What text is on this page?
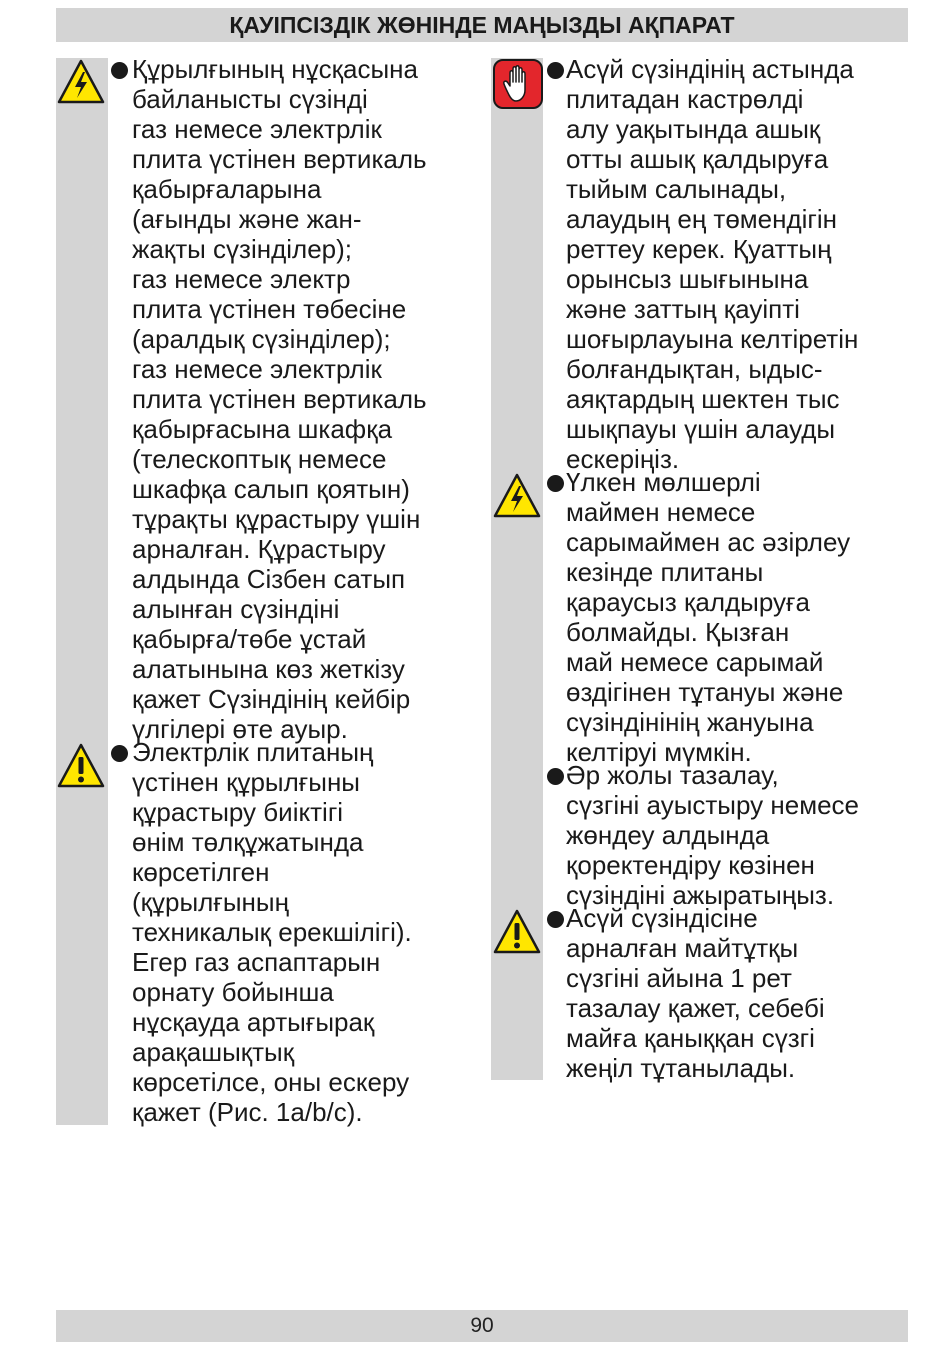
ҚАУІПСІЗДІК ЖӨНІНДЕ МАҢЫЗДЫ АҚПАРАТ
Құрылғының нұсқасына
байланысты сүзінді
газ немесе электрлік
плита үстінен вертикаль
қабырғаларына
(ағынды және жан-
жақты сүзінділер);
газ немесе электр
плита үстінен төбесіне
(аралдық сүзінділер);
газ немесе электрлік
плита үстінен вертикаль
қабырғасына шкафқа
(телескоптық немесе
шкафқа салып қоятын)
тұрақты құрастыру үшін
арналған. Құрастыру
алдында Сізбен сатып
алынған сүзіндіні
қабырға/төбе ұстай
алатынына көз жеткізу
қажет Сүзіндінің кейбір
үлгілері өте ауыр.
Электрлік плитаның
үстінен құрылғыны
құрастыру биіктігі
өнім төлқұжатында
көрсетілген
(құрылғының
техникалық ерекшілігі).
Егер газ аспаптарын
орнату бойынша
нұсқауда артығырақ
арақашықтық
көрсетілсе, оны ескеру
қажет (Рис. 1a/b/c).
Асүй сүзіндінің астында
плитадан кастрөлді
алу уақытында ашық
отты ашық қалдыруға
тыйым салынады,
алаудың ең төмендігін
реттеу керек. Қуаттың
орынсыз шығынына
және заттың қауіпті
шоғырлауына келтіретін
болғандықтан, ыдыс-
аяқтардың шектен тыс
шықпауы үшін алауды
ескеріңіз.
Үлкен мөлшерлі
маймен немесе
сарымаймен ас әзірлеу
кезінде плитаны
қараусыз қалдыруға
болмайды. Қызған
май немесе сарымай
өздігінен тұтануы және
сүзіндінінің жануына
келтіруі мүмкін.
Әр жолы тазалау,
сүзгіні ауыстыру немесе
жөндеу алдында
қоректендіру көзінен
сүзіндіні ажыратыңыз.
Асүй сүзіндісіне
арналған майтұтқы
сүзгіні айына 1 рет
тазалау қажет, себебі
майға қаныққан сүзгі
жеңіл тұтанылады.
90
